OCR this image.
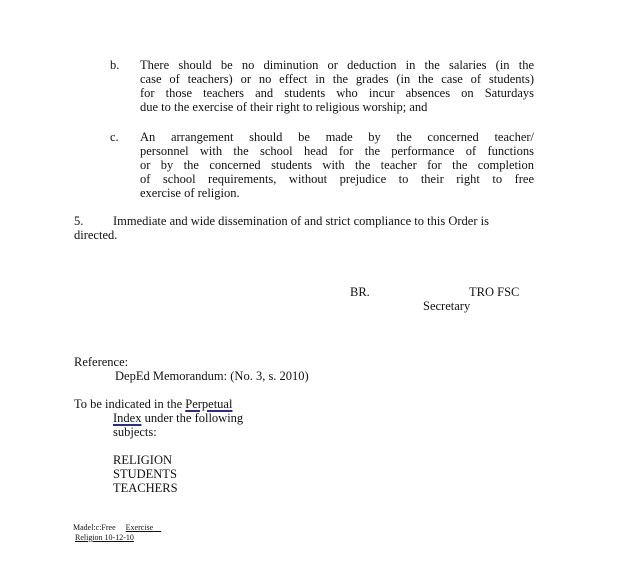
b. There should be no diminution or deduction in the salaries (in the
case of teachers) or no effect in the grades (in the case of students)
for those teachers and students who incur absences on Saturdays
due to the exercise of their right to religious worship; and
c. An arrangement should be made by the concerned teacher/
personnel with the school head for the performance of functions
or by the concerned students with the teacher for the completion
of school requirements, without prejudice to their right to free
exercise of religion.
5. Immediate and wide dissemination of and strict compliance to this Order is
directed.
BR.	TRO FSC
Secretary
Reference:
DepEd Memorandum: (No. 3, s. 2010)
To be indicated in the Perpetual
Index under the following
subjects:
RELIGION
STUDENTS
TEACHERS
Madel:c:Free Exercise
Religion 10-12-10
